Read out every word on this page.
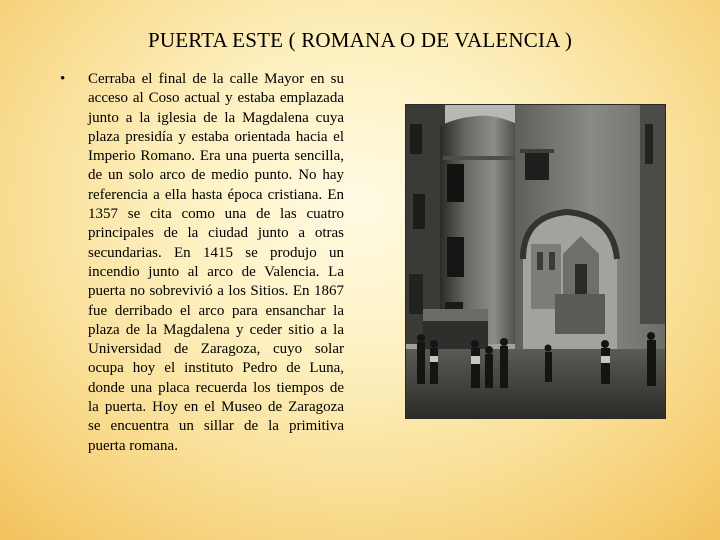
PUERTA ESTE ( ROMANA O DE VALENCIA )
• Cerraba el final de la calle Mayor en su acceso al Coso actual y estaba emplazada junto a la iglesia de la Magdalena cuya plaza presidía y estaba orientada hacia el Imperio Romano. Era una puerta sencilla, de un solo arco de medio punto. No hay referencia a ella hasta época cristiana. En 1357 se cita como una de las cuatro principales de la ciudad junto a otras secundarias. En 1415 se produjo un incendio junto al arco de Valencia. La puerta no sobrevivió a los Sitios. En 1867 fue derribado el arco para ensanchar la plaza de la Magdalena y ceder sitio a la Universidad de Zaragoza, cuyo solar ocupa hoy el instituto Pedro de Luna, donde una placa recuerda los tiempos de la puerta. Hoy en el Museo de Zaragoza se encuentra un sillar de la primitiva puerta romana.
